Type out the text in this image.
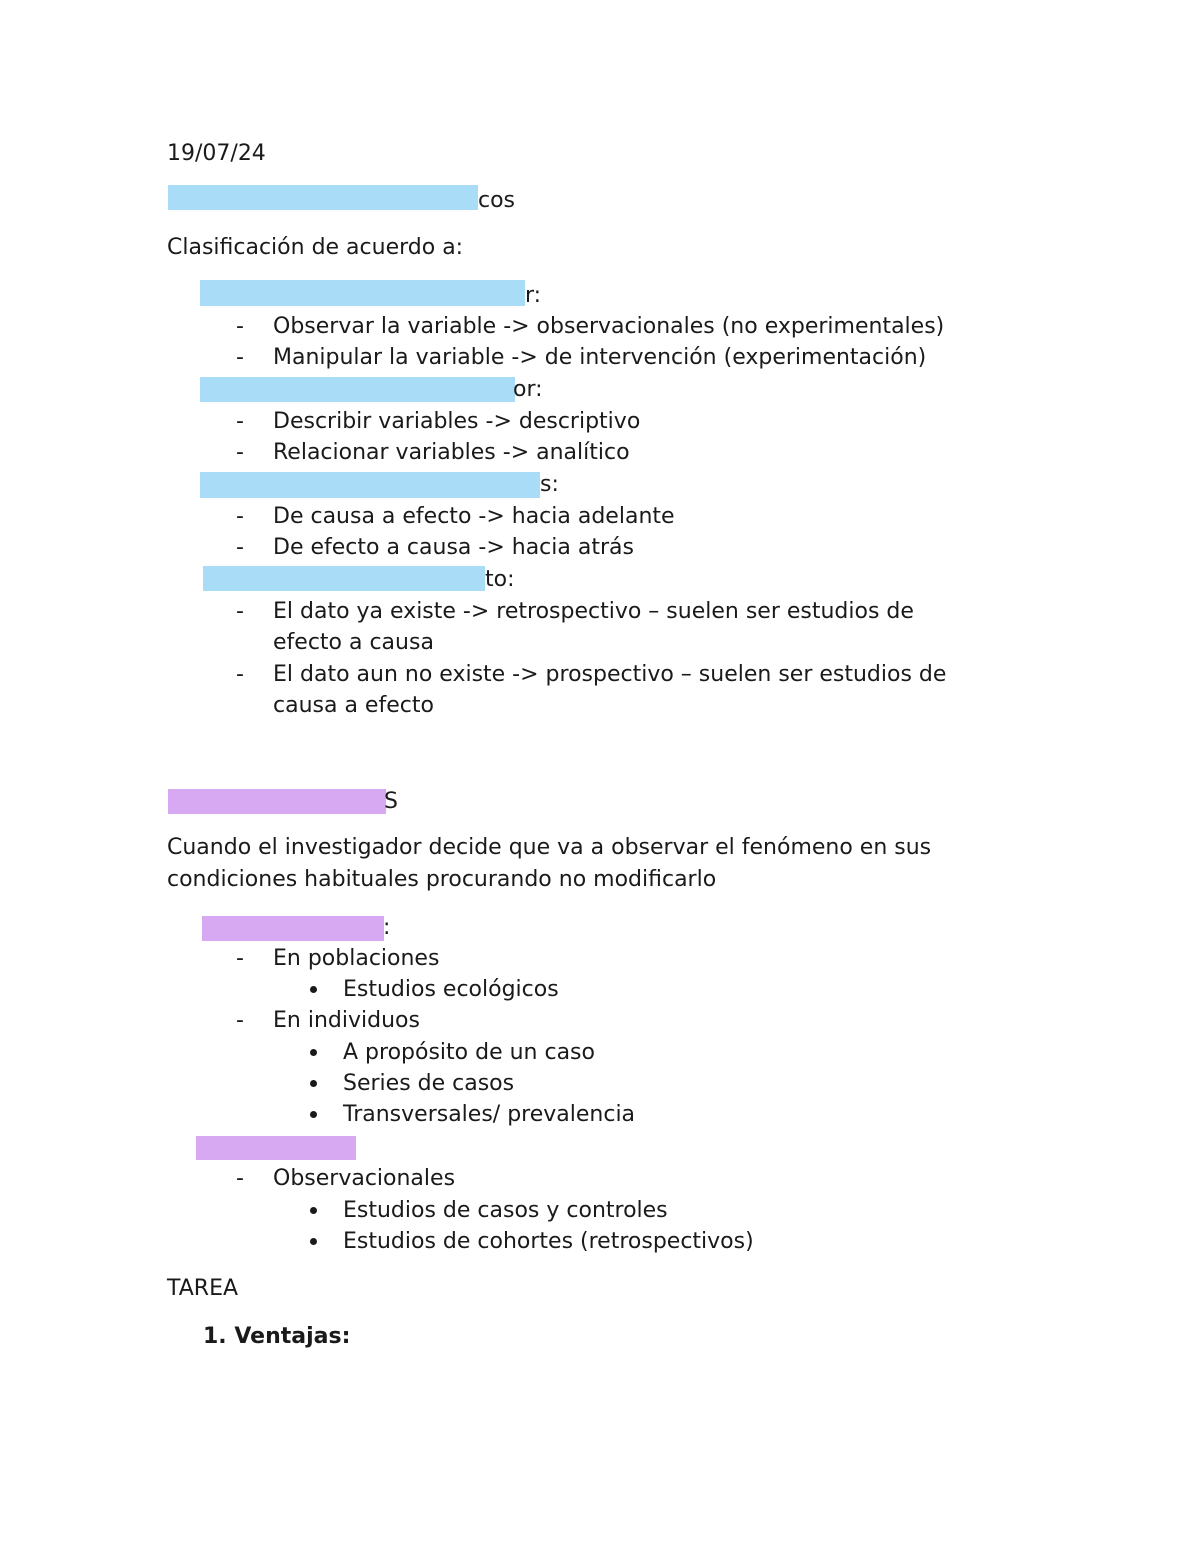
19/07/24
cos
Clasificación de acuerdo a:
r:
- Observar la variable -> observacionales (no experimentales)
- Manipular la variable -> de intervención (experimentación)
or:
- Describir variables -> descriptivo
- Relacionar variables -> analítico
s:
- De causa a efecto -> hacia adelante
- De efecto a causa -> hacia atrás
to:
- El dato ya existe -> retrospectivo – suelen ser estudios de
efecto a causa
- El dato aun no existe -> prospectivo – suelen ser estudios de
causa a efecto
S
Cuando el investigador decide que va a observar el fenómeno en sus
condiciones habituales procurando no modificarlo
:
- En poblaciones
Estudios ecológicos
- En individuos
A propósito de un caso
Series de casos
Transversales/ prevalencia
- Observacionales
Estudios de casos y controles
Estudios de cohortes (retrospectivos)
TAREA
1. Ventajas:
